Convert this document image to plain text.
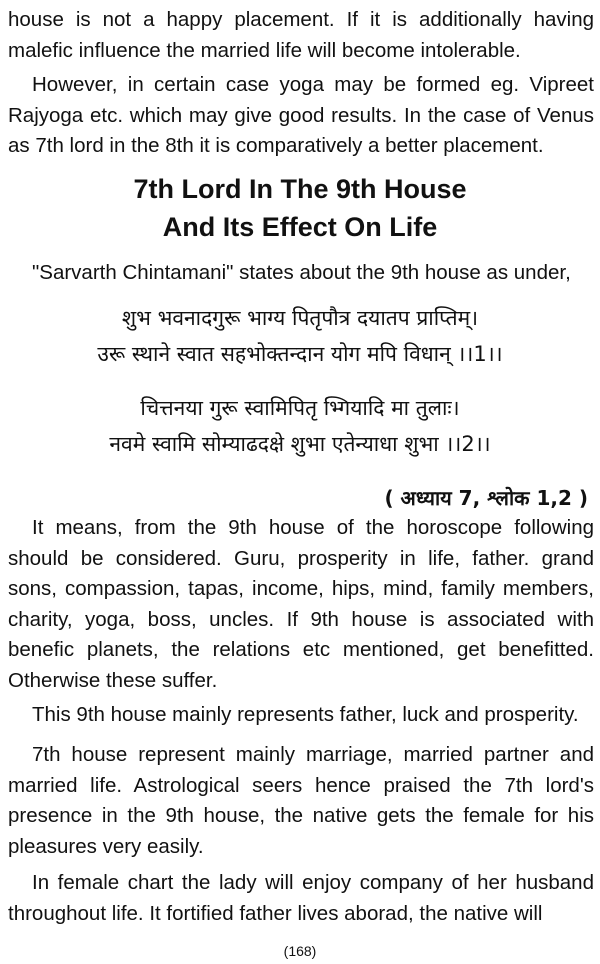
house is not a happy placement. If it is additionally having malefic influence the married life will become intolerable.

However, in certain case yoga may be formed eg. Vipreet Rajyoga etc. which may give good results. In the case of Venus as 7th lord in the 8th it is comparatively a better placement.

7th Lord In The 9th House
And Its Effect On Life

"Sarvarth Chintamani" states about the 9th house as under,

शुभ भवनादगुरू भाग्य पितृपौत्र दयातप प्राप्तिम्।

उरू स्थाने स्वात सहभोक्तन्दान योग मपि विधान् ।।1।।

चित्तनया गुरू स्वामिपितृ भ्गियादि मा तुलाः।

नवमे स्वामि सोम्याढदक्षे शुभा एतेन्याधा शुभा ।।2।।

( अध्याय 7, श्लोक 1,2 )

It means, from the 9th house of the horoscope following should be considered. Guru, prosperity in life, father. grand sons, compassion, tapas, income, hips, mind, family members, charity, yoga, boss, uncles. If 9th house is associated with benefic planets, the relations etc mentioned, get benefitted. Otherwise these suffer.

This 9th house mainly represents father, luck and prosperity.

7th house represent mainly marriage, married partner and married life. Astrological seers hence praised the 7th lord's presence in the 9th house, the native gets the female for his pleasures very easily.

In female chart the lady will enjoy company of her husband throughout life. It fortified father lives aborad, the native will

(168)
